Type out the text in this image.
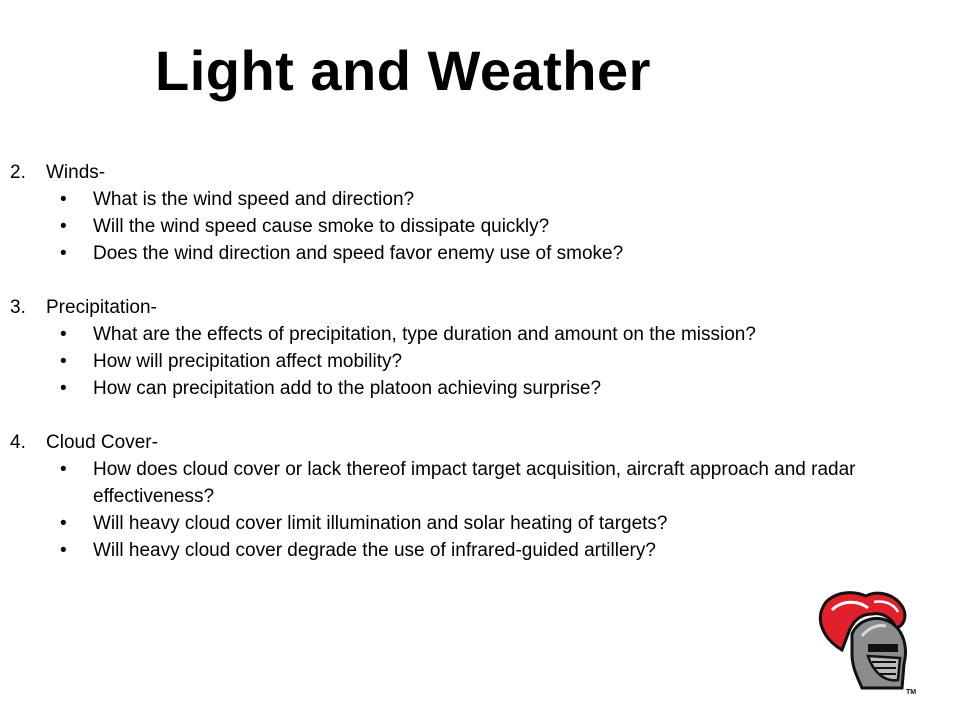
Light and Weather
2.	Winds-
•	What is the wind speed and direction?
•	Will the wind speed cause smoke to dissipate quickly?
•	Does the wind direction and speed favor enemy use of smoke?
3.	Precipitation-
•	What are the effects of precipitation, type duration and amount on the mission?
•	How will precipitation affect mobility?
•	How can precipitation add to the platoon achieving surprise?
4.	Cloud Cover-
•	How does cloud cover or lack thereof impact target acquisition, aircraft approach and radar effectiveness?
•	Will heavy cloud cover limit illumination and solar heating of targets?
•	Will heavy cloud cover degrade the use of infrared-guided artillery?
TM
